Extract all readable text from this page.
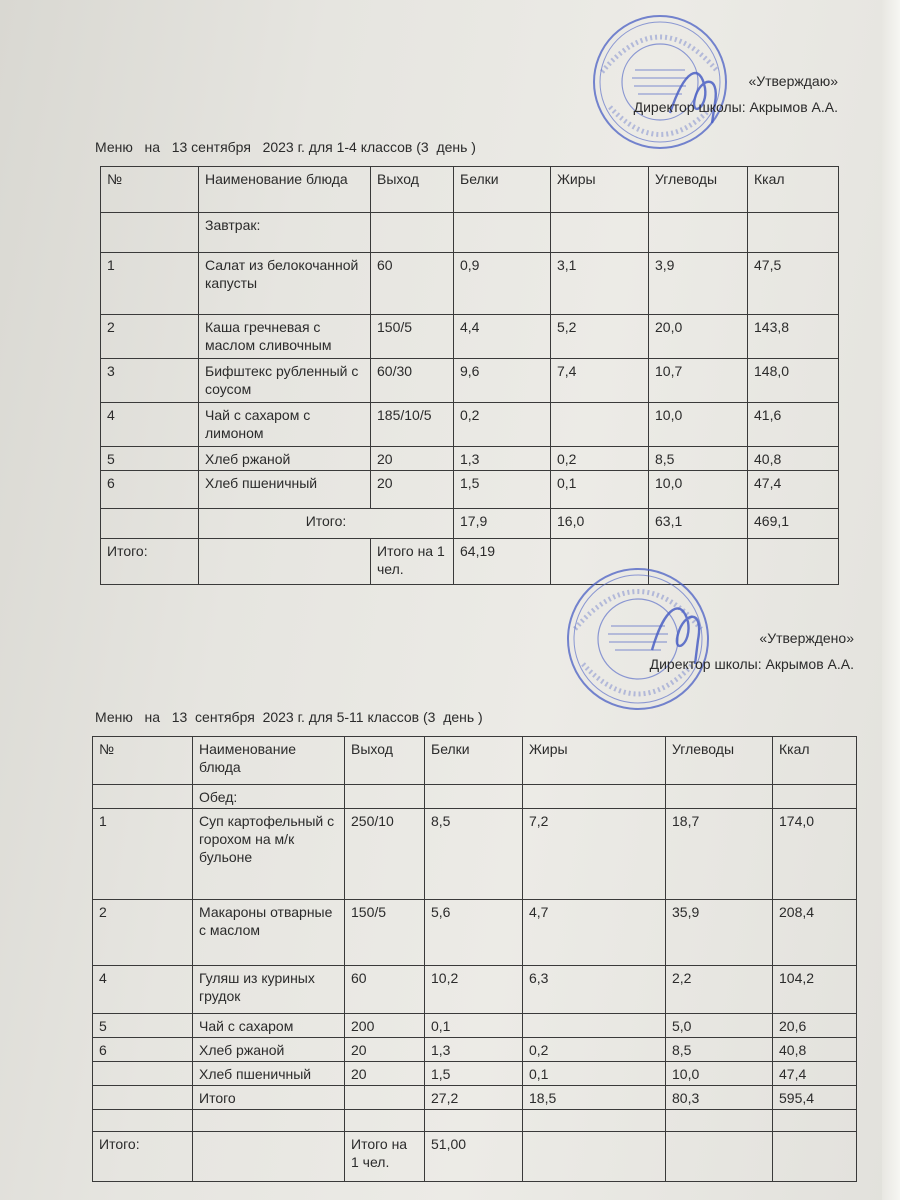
«Утверждаю»
Директор школы: Акрымов А.А.
Меню   на   13 сентября   2023 г. для 1-4 классов (3  день )
№	Наименование блюда	Выход	Белки	Жиры	Углеводы	Ккал
	Завтрак:					
1	Салат из белокочанной капусты	60	0,9	3,1	3,9	47,5
2	Каша гречневая с маслом сливочным	150/5	4,4	5,2	20,0	143,8
3	Бифштекс рубленный с соусом	60/30	9,6	7,4	10,7	148,0
4	Чай с сахаром с лимоном	185/10/5	0,2		10,0	41,6
5	Хлеб ржаной	20	1,3	0,2	8,5	40,8
6	Хлеб пшеничный	20	1,5	0,1	10,0	47,4
	Итого:		17,9	16,0	63,1	469,1
Итого:		Итого на 1 чел.	64,19			
«Утверждено»
Директор школы: Акрымов А.А.
Меню   на   13  сентября  2023 г. для 5-11 классов (3  день )
№	Наименование блюда	Выход	Белки	Жиры	Углеводы	Ккал
	Обед:					
1	Суп картофельный с горохом на м/к бульоне	250/10	8,5	7,2	18,7	174,0
2	Макароны отварные с маслом	150/5	5,6	4,7	35,9	208,4
4	Гуляш из куриных грудок	60	10,2	6,3	2,2	104,2
5	Чай с сахаром	200	0,1		5,0	20,6
6	Хлеб ржаной	20	1,3	0,2	8,5	40,8
	Хлеб пшеничный	20	1,5	0,1	10,0	47,4
	Итого		27,2	18,5	80,3	595,4

Итого:		Итого на 1 чел.	51,00			
